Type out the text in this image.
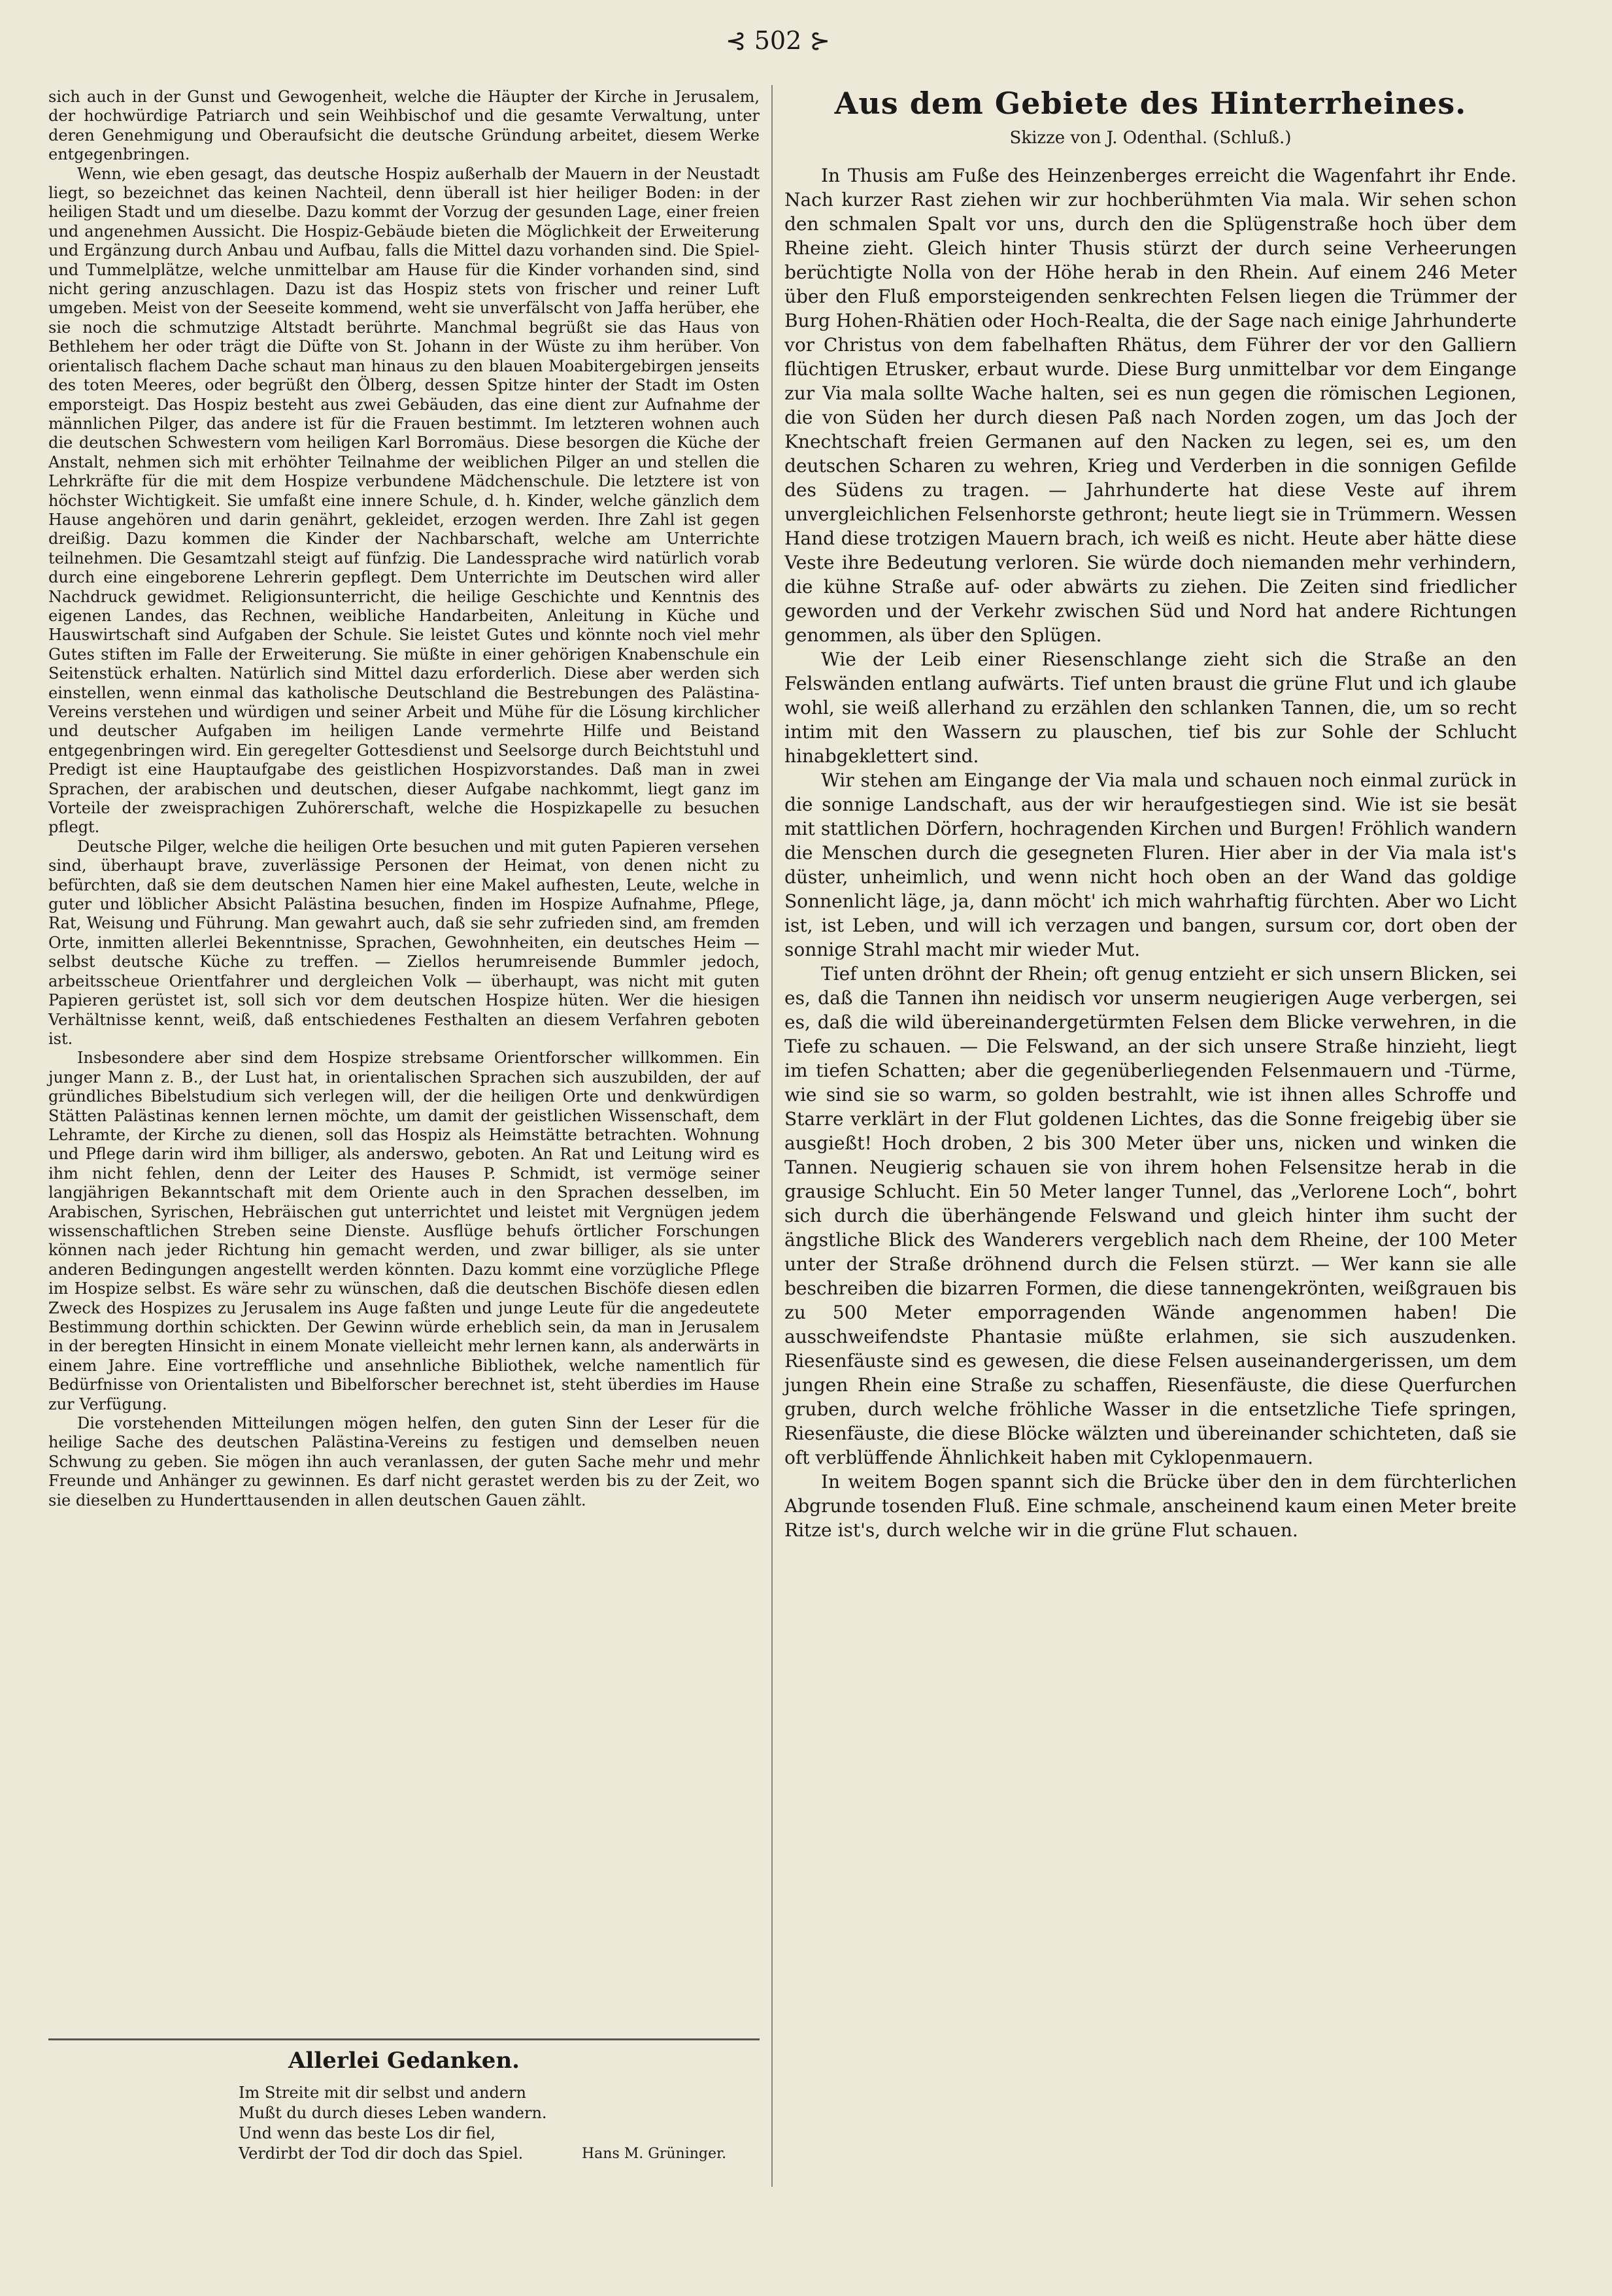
⊰ 502 ⊱

sich auch in der Gunst und Gewogenheit, welche die Häupter der Kirche in Jerusalem, der hochwürdige Patriarch und sein Weihbischof und die gesamte Verwaltung, unter deren Genehmigung und Oberaufsicht die deutsche Gründung arbeitet, diesem Werke entgegenbringen.

Wenn, wie eben gesagt, das deutsche Hospiz außerhalb der Mauern in der Neustadt liegt, so bezeichnet das keinen Nachteil, denn überall ist hier heiliger Boden: in der heiligen Stadt und um dieselbe. Dazu kommt der Vorzug der gesunden Lage, einer freien und angenehmen Aussicht. Die Hospiz-Gebäude bieten die Möglichkeit der Erweiterung und Ergänzung durch Anbau und Aufbau, falls die Mittel dazu vorhanden sind. Die Spiel- und Tummelplätze, welche unmittelbar am Hause für die Kinder vorhanden sind, sind nicht gering anzuschlagen. Dazu ist das Hospiz stets von frischer und reiner Luft umgeben. Meist von der Seeseite kommend, weht sie unverfälscht von Jaffa herüber, ehe sie noch die schmutzige Altstadt berührte. Manchmal begrüßt sie das Haus von Bethlehem her oder trägt die Düfte von St. Johann in der Wüste zu ihm herüber. Von orientalisch flachem Dache schaut man hinaus zu den blauen Moabitergebirgen jenseits des toten Meeres, oder begrüßt den Ölberg, dessen Spitze hinter der Stadt im Osten emporsteigt. Das Hospiz besteht aus zwei Gebäuden, das eine dient zur Aufnahme der männlichen Pilger, das andere ist für die Frauen bestimmt. Im letzteren wohnen auch die deutschen Schwestern vom heiligen Karl Borromäus. Diese besorgen die Küche der Anstalt, nehmen sich mit erhöhter Teilnahme der weiblichen Pilger an und stellen die Lehrkräfte für die mit dem Hospize verbundene Mädchenschule. Die letztere ist von höchster Wichtigkeit. Sie umfaßt eine innere Schule, d. h. Kinder, welche gänzlich dem Hause angehören und darin genährt, gekleidet, erzogen werden. Ihre Zahl ist gegen dreißig. Dazu kommen die Kinder der Nachbarschaft, welche am Unterrichte teilnehmen. Die Gesamtzahl steigt auf fünfzig. Die Landessprache wird natürlich vorab durch eine eingeborene Lehrerin gepflegt. Dem Unterrichte im Deutschen wird aller Nachdruck gewidmet. Religionsunterricht, die heilige Geschichte und Kenntnis des eigenen Landes, das Rechnen, weibliche Handarbeiten, Anleitung in Küche und Hauswirtschaft sind Aufgaben der Schule. Sie leistet Gutes und könnte noch viel mehr Gutes stiften im Falle der Erweiterung. Sie müßte in einer gehörigen Knabenschule ein Seitenstück erhalten. Natürlich sind Mittel dazu erforderlich. Diese aber werden sich einstellen, wenn einmal das katholische Deutschland die Bestrebungen des Palästina-Vereins verstehen und würdigen und seiner Arbeit und Mühe für die Lösung kirchlicher und deutscher Aufgaben im heiligen Lande vermehrte Hilfe und Beistand entgegenbringen wird. Ein geregelter Gottesdienst und Seelsorge durch Beichtstuhl und Predigt ist eine Hauptaufgabe des geistlichen Hospizvorstandes. Daß man in zwei Sprachen, der arabischen und deutschen, dieser Aufgabe nachkommt, liegt ganz im Vorteile der zweisprachigen Zuhörerschaft, welche die Hospizkapelle zu besuchen pflegt.

Deutsche Pilger, welche die heiligen Orte besuchen und mit guten Papieren versehen sind, überhaupt brave, zuverlässige Personen der Heimat, von denen nicht zu befürchten, daß sie dem deutschen Namen hier eine Makel aufhesten, Leute, welche in guter und löblicher Absicht Palästina besuchen, finden im Hospize Aufnahme, Pflege, Rat, Weisung und Führung. Man gewahrt auch, daß sie sehr zufrieden sind, am fremden Orte, inmitten allerlei Bekenntnisse, Sprachen, Gewohnheiten, ein deutsches Heim — selbst deutsche Küche zu treffen. — Ziellos herumreisende Bummler jedoch, arbeitsscheue Orientfahrer und dergleichen Volk — überhaupt, was nicht mit guten Papieren gerüstet ist, soll sich vor dem deutschen Hospize hüten. Wer die hiesigen Verhältnisse kennt, weiß, daß entschiedenes Festhalten an diesem Verfahren geboten ist.

Insbesondere aber sind dem Hospize strebsame Orientforscher willkommen. Ein junger Mann z. B., der Lust hat, in orientalischen Sprachen sich auszubilden, der auf gründliches Bibelstudium sich verlegen will, der die heiligen Orte und denkwürdigen Stätten Palästinas kennen lernen möchte, um damit der geistlichen Wissenschaft, dem Lehramte, der Kirche zu dienen, soll das Hospiz als Heimstätte betrachten. Wohnung und Pflege darin wird ihm billiger, als anderswo, geboten. An Rat und Leitung wird es ihm nicht fehlen, denn der Leiter des Hauses P. Schmidt, ist vermöge seiner langjährigen Bekanntschaft mit dem Oriente auch in den Sprachen desselben, im Arabischen, Syrischen, Hebräischen gut unterrichtet und leistet mit Vergnügen jedem wissenschaftlichen Streben seine Dienste. Ausflüge behufs örtlicher Forschungen können nach jeder Richtung hin gemacht werden, und zwar billiger, als sie unter anderen Bedingungen angestellt werden könnten. Dazu kommt eine vorzügliche Pflege im Hospize selbst. Es wäre sehr zu wünschen, daß die deutschen Bischöfe diesen edlen Zweck des Hospizes zu Jerusalem ins Auge faßten und junge Leute für die angedeutete Bestimmung dorthin schickten. Der Gewinn würde erheblich sein, da man in Jerusalem in der beregten Hinsicht in einem Monate vielleicht mehr lernen kann, als anderwärts in einem Jahre. Eine vortreffliche und ansehnliche Bibliothek, welche namentlich für Bedürfnisse von Orientalisten und Bibelforscher berechnet ist, steht überdies im Hause zur Verfügung.

Die vorstehenden Mitteilungen mögen helfen, den guten Sinn der Leser für die heilige Sache des deutschen Palästina-Vereins zu festigen und demselben neuen Schwung zu geben. Sie mögen ihn auch veranlassen, der guten Sache mehr und mehr Freunde und Anhänger zu gewinnen. Es darf nicht gerastet werden bis zu der Zeit, wo sie dieselben zu Hunderttausenden in allen deutschen Gauen zählt.

Allerlei Gedanken.
Im Streite mit dir selbst und andern
Mußt du durch dieses Leben wandern.
Und wenn das beste Los dir fiel,
Verdirbt der Tod dir doch das Spiel.	Hans M. Grüninger.
Aus dem Gebiete des Hinterrheines.
Skizze von J. Odenthal. (Schluß.)

In Thusis am Fuße des Heinzenberges erreicht die Wagenfahrt ihr Ende. Nach kurzer Rast ziehen wir zur hochberühmten Via mala. Wir sehen schon den schmalen Spalt vor uns, durch den die Splügenstraße hoch über dem Rheine zieht. Gleich hinter Thusis stürzt der durch seine Verheerungen berüchtigte Nolla von der Höhe herab in den Rhein. Auf einem 246 Meter über den Fluß emporsteigenden senkrechten Felsen liegen die Trümmer der Burg Hohen-Rhätien oder Hoch-Realta, die der Sage nach einige Jahrhunderte vor Christus von dem fabelhaften Rhätus, dem Führer der vor den Galliern flüchtigen Etrusker, erbaut wurde. Diese Burg unmittelbar vor dem Eingange zur Via mala sollte Wache halten, sei es nun gegen die römischen Legionen, die von Süden her durch diesen Paß nach Norden zogen, um das Joch der Knechtschaft freien Germanen auf den Nacken zu legen, sei es, um den deutschen Scharen zu wehren, Krieg und Verderben in die sonnigen Gefilde des Südens zu tragen. — Jahrhunderte hat diese Veste auf ihrem unvergleichlichen Felsenhorste gethront; heute liegt sie in Trümmern. Wessen Hand diese trotzigen Mauern brach, ich weiß es nicht. Heute aber hätte diese Veste ihre Bedeutung verloren. Sie würde doch niemanden mehr verhindern, die kühne Straße auf- oder abwärts zu ziehen. Die Zeiten sind friedlicher geworden und der Verkehr zwischen Süd und Nord hat andere Richtungen genommen, als über den Splügen.

Wie der Leib einer Riesenschlange zieht sich die Straße an den Felswänden entlang aufwärts. Tief unten braust die grüne Flut und ich glaube wohl, sie weiß allerhand zu erzählen den schlanken Tannen, die, um so recht intim mit den Wassern zu plauschen, tief bis zur Sohle der Schlucht hinabgeklettert sind.

Wir stehen am Eingange der Via mala und schauen noch einmal zurück in die sonnige Landschaft, aus der wir heraufgestiegen sind. Wie ist sie besät mit stattlichen Dörfern, hochragenden Kirchen und Burgen! Fröhlich wandern die Menschen durch die gesegneten Fluren. Hier aber in der Via mala ist's düster, unheimlich, und wenn nicht hoch oben an der Wand das goldige Sonnenlicht läge, ja, dann möcht' ich mich wahrhaftig fürchten. Aber wo Licht ist, ist Leben, und will ich verzagen und bangen, sursum cor, dort oben der sonnige Strahl macht mir wieder Mut.

Tief unten dröhnt der Rhein; oft genug entzieht er sich unsern Blicken, sei es, daß die Tannen ihn neidisch vor unserm neugierigen Auge verbergen, sei es, daß die wild übereinandergetürmten Felsen dem Blicke verwehren, in die Tiefe zu schauen. — Die Felswand, an der sich unsere Straße hinzieht, liegt im tiefen Schatten; aber die gegenüberliegenden Felsenmauern und -Türme, wie sind sie so warm, so golden bestrahlt, wie ist ihnen alles Schroffe und Starre verklärt in der Flut goldenen Lichtes, das die Sonne freigebig über sie ausgießt! Hoch droben, 2 bis 300 Meter über uns, nicken und winken die Tannen. Neugierig schauen sie von ihrem hohen Felsensitze herab in die grausige Schlucht. Ein 50 Meter langer Tunnel, das „Verlorene Loch“, bohrt sich durch die überhängende Felswand und gleich hinter ihm sucht der ängstliche Blick des Wanderers vergeblich nach dem Rheine, der 100 Meter unter der Straße dröhnend durch die Felsen stürzt. — Wer kann sie alle beschreiben die bizarren Formen, die diese tannengekrönten, weißgrauen bis zu 500 Meter emporragenden Wände angenommen haben! Die ausschweifendste Phantasie müßte erlahmen, sie sich auszudenken. Riesenfäuste sind es gewesen, die diese Felsen auseinandergerissen, um dem jungen Rhein eine Straße zu schaffen, Riesenfäuste, die diese Querfurchen gruben, durch welche fröhliche Wasser in die entsetzliche Tiefe springen, Riesenfäuste, die diese Blöcke wälzten und übereinander schichteten, daß sie oft verblüffende Ähnlichkeit haben mit Cyklopenmauern.

In weitem Bogen spannt sich die Brücke über den in dem fürchterlichen Abgrunde tosenden Fluß. Eine schmale, anscheinend kaum einen Meter breite Ritze ist's, durch welche wir in die grüne Flut schauen.
